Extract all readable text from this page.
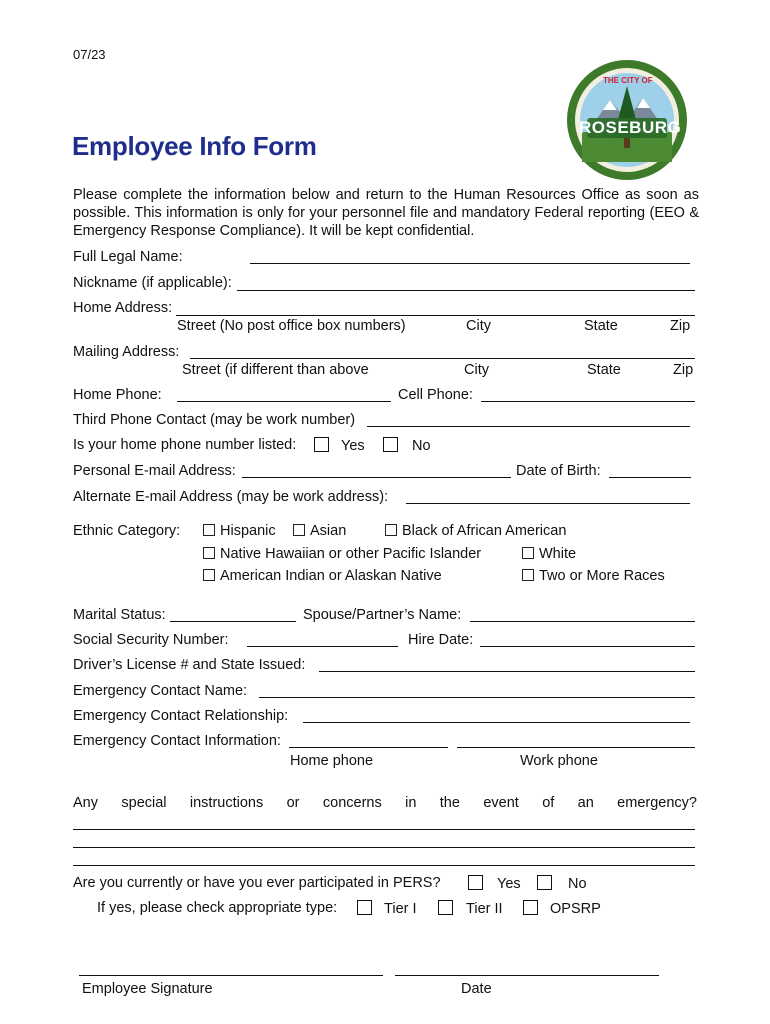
07/23
THE CITY OF
ROSEBURG
Employee Info Form
Please complete the information below and return to the Human Resources Office as soon as possible. This information is only for your personnel file and mandatory Federal reporting (EEO & Emergency Response Compliance). It will be kept confidential.
Full Legal Name:
Nickname (if applicable):
Home Address:
Street (No post office box numbers)	City	State	Zip
Mailing Address:
Street (if different than above	City	State	Zip
Home Phone:	Cell Phone:
Third Phone Contact (may be work number)
Is your home phone number listed:	Yes	No
Personal E-mail Address:	Date of Birth:
Alternate E-mail Address (may be work address):
Ethnic Category:	Hispanic	Asian	Black of African American
Native Hawaiian or other Pacific Islander	White
American Indian or Alaskan Native	Two or More Races
Marital Status:	Spouse/Partner’s Name:
Social Security Number:	Hire Date:
Driver’s License # and State Issued:
Emergency Contact Name:
Emergency Contact Relationship:
Emergency Contact Information:
Home phone	Work phone
Any special instructions or concerns in the event of an emergency?
Are you currently or have you ever participated in PERS?	Yes	No
If yes, please check appropriate type:	Tier I	Tier II	OPSRP
Employee Signature	Date
